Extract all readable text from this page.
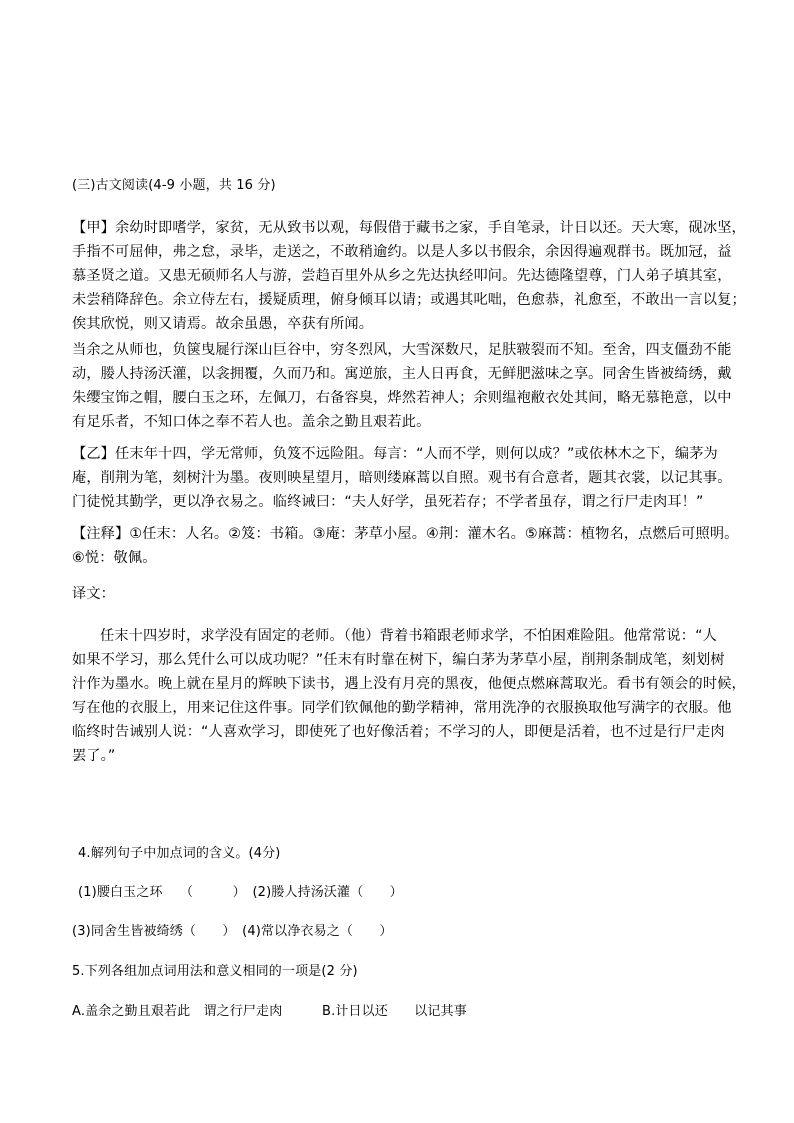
(三)古文阅读(4-9 小题，共 16 分)
【甲】余幼时即嗜学，家贫，无从致书以观，每假借于藏书之家，手自笔录，计日以还。天大寒，砚冰坚，
手指不可屈伸，弗之怠，录毕，走送之，不敢稍逾约。以是人多以书假余，余因得遍观群书。既加冠，益
慕圣贤之道。又患无硕师名人与游，尝趋百里外从乡之先达执经叩问。先达德隆望尊，门人弟子填其室，
未尝稍降辞色。余立侍左右，援疑质理，俯身倾耳以请；或遇其叱咄，色愈恭，礼愈至，不敢出一言以复；
俟其欣悦，则又请焉。故余虽愚，卒获有所闻。
当余之从师也，负箧曳屣行深山巨谷中，穷冬烈风，大雪深数尺，足肤皲裂而不知。至舍，四支僵劲不能
动，媵人持汤沃灌，以衾拥覆，久而乃和。寓逆旅，主人日再食，无鲜肥滋味之享。同舍生皆被绮绣，戴
朱缨宝饰之帽，腰白玉之环，左佩刀，右备容臭，烨然若神人；余则缊袍敝衣处其间，略无慕艳意，以中
有足乐者，不知口体之奉不若人也。盖余之勤且艰若此。
【乙】任末年十四，学无常师，负笈不远险阻。每言：“人而不学，则何以成？”或依林木之下，编茅为
庵，削荆为笔，刻树汁为墨。夜则映星望月，暗则缕麻蒿以自照。观书有合意者，题其衣裳，以记其事。
门徒悦其勤学，更以净衣易之。临终诫曰：“夫人好学，虽死若存；不学者虽存，谓之行尸走肉耳！”
【注释】①任末：人名。②笈：书箱。③庵：茅草小屋。④荆：灌木名。⑤麻蒿：植物名，点燃后可照明。
⑥悦：敬佩。
译文：
任末十四岁时，求学没有固定的老师。（他）背着书箱跟老师求学，不怕困难险阻。他常常说：“人
如果不学习，那么凭什么可以成功呢？”任末有时靠在树下，编白茅为茅草小屋，削荆条制成笔，刻划树
汁作为墨水。晚上就在星月的辉映下读书，遇上没有月亮的黑夜，他便点燃麻蒿取光。看书有领会的时候，
写在他的衣服上，用来记住这件事。同学们钦佩他的勤学精神，常用洗净的衣服换取他写满字的衣服。他
临终时告诫别人说：“人喜欢学习，即使死了也好像活着；不学习的人，即便是活着，也不过是行尸走肉
罢了。”
4.解列句子中加点词的含义。(4分)
(1)腰白玉之环　 （　　　）　(2)媵人持汤沃灌（　　）
(3)同舍生皆被绮绣（　　）　(4)常以净衣易之（　　）
5.下列各组加点词用法和意义相同的一项是(2 分)
A.盖余之勤且艰若此　谓之行尸走肉	B.计日以还　　以记其事
